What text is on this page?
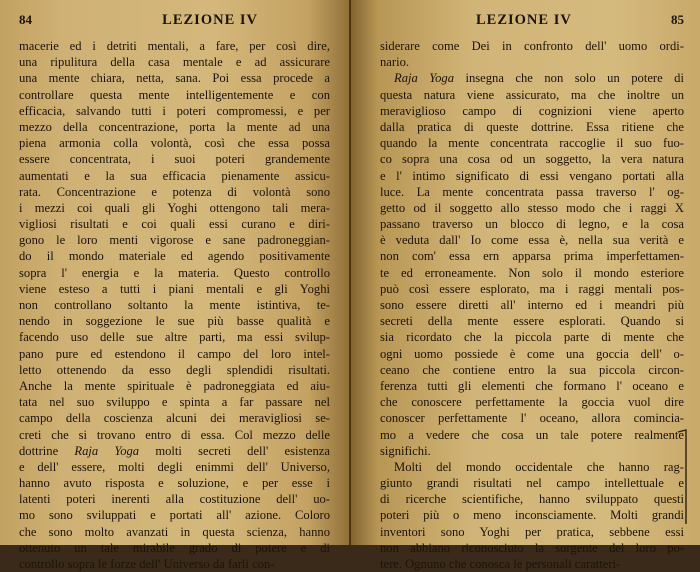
84	LEZIONE IV
macerie ed i detriti mentali, a fare, per così dire,
una ripulitura della casa mentale e ad assicurare
una mente chiara, netta, sana. Poi essa procede a
controllare questa mente intelligentemente e con
efficacia, salvando tutti i poteri compromessi, e per
mezzo della concentrazione, porta la mente ad una
piena armonia colla volontà, così che essa possa
essere concentrata, i suoi poteri grandemente
aumentati e la sua efficacia pienamente assicu-
rata. Concentrazione e potenza di volontà sono
i mezzi coi quali gli Yoghi ottengono tali mera-
vigliosi risultati e coi quali essi curano e diri-
gono le loro menti vigorose e sane padroneggian-
do il mondo materiale ed agendo positivamente
sopra l' energia e la materia. Questo controllo
viene esteso a tutti i piani mentali e gli Yoghi
non controllano soltanto la mente istintiva, te-
nendo in soggezione le sue più basse qualità e
facendo uso delle sue altre parti, ma essi svilup-
pano pure ed estendono il campo del loro intel-
letto ottenendo da esso degli splendidi risultati.
Anche la mente spirituale è padroneggiata ed aiu-
tata nel suo sviluppo e spinta a far passare nel
campo della coscienza alcuni dei meravigliosi se-
creti che si trovano entro di essa. Col mezzo delle
dottrine Raja Yoga molti secreti dell' esistenza
e dell' essere, molti degli enimmi dell' Universo,
hanno avuto risposta e soluzione, e per esse i
latenti poteri inerenti alla costituzione dell' uo-
mo sono sviluppati e portati all' azione. Coloro
che sono molto avanzati in questa scienza, hanno
ottenuto un tale mirabile grado di potere e di
controllo sopra le forze dell' Universo da farli con-
LEZIONE IV	85
siderare come Dei in confronto dell' uomo ordi-
nario.
Raja Yoga insegna che non solo un potere di
questa natura viene assicurato, ma che inoltre un
meraviglioso campo di cognizioni viene aperto
dalla pratica di queste dottrine. Essa ritiene che
quando la mente concentrata raccoglie il suo fuo-
co sopra una cosa od un soggetto, la vera natura
e l' intimo significato di essi vengano portati alla
luce. La mente concentrata passa traverso l' og-
getto od il soggetto allo stesso modo che i raggi X
passano traverso un blocco di legno, e la cosa
è veduta dall' Io come essa è, nella sua verità e
non com' essa ern apparsa prima imperfettamen-
te ed erroneamente. Non solo il mondo esteriore
può così essere esplorato, ma i raggi mentali pos-
sono essere diretti all' interno ed i meandri più
secreti della mente essere esplorati. Quando si
sia ricordato che la piccola parte di mente che
ogni uomo possiede è come una goccia dell' o-
ceano che contiene entro la sua piccola circon-
ferenza tutti gli elementi che formano l' oceano e
che conoscere perfettamente la goccia vuol dire
conoscer perfettamente l' oceano, allora comincia-
mo a vedere che cosa un tale potere realmente
significhi.
Molti del mondo occidentale che hanno rag-
giunto grandi risultati nel campo intellettuale e
di ricerche scientifiche, hanno sviluppato questi
poteri più o meno inconsciamente. Molti grandi
inventori sono Yoghi per pratica, sebbene essi
non abbiano riconosciuto la sorgente del loro po-
tere. Ognuno che conosca le personali caratteri-
